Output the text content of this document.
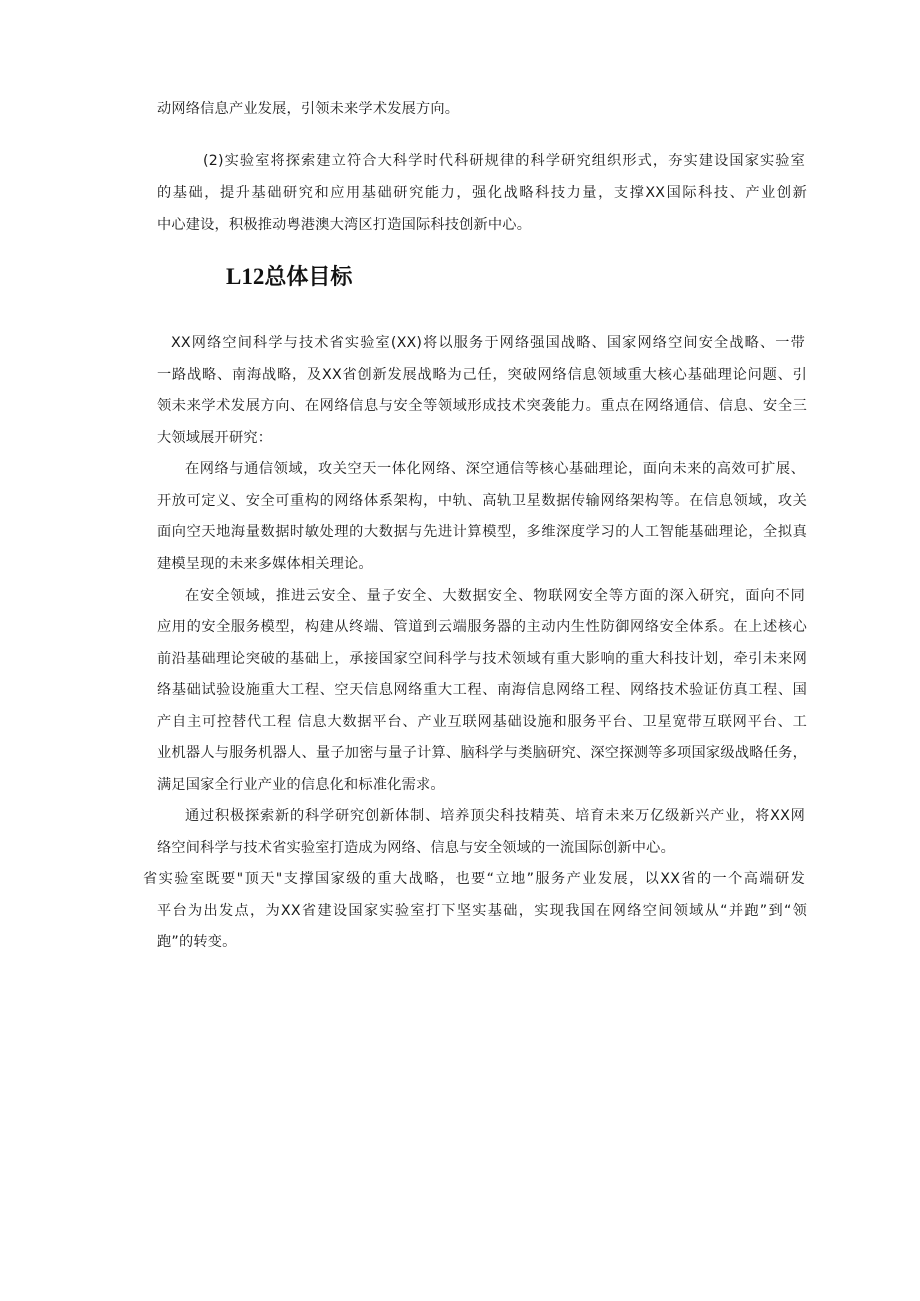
动网络信息产业发展，引领未来学术发展方向。
(2)实验室将探索建立符合大科学时代科研规律的科学研究组织形式，夯实建设国家实验室
的基础，提升基础研究和应用基础研究能力，强化战略科技力量，支撑XX国际科技、产业创新
中心建设，积极推动粤港澳大湾区打造国际科技创新中心。
L12总体目标
XX网络空间科学与技术省实验室(XX)将以服务于网络强国战略、国家网络空间安全战略、一带
一路战略、南海战略，及XX省创新发展战略为己任，突破网络信息领域重大核心基础理论问题、引
领未来学术发展方向、在网络信息与安全等领域形成技术突袭能力。重点在网络通信、信息、安全三
大领域展开研究：
在网络与通信领域，攻关空天一体化网络、深空通信等核心基础理论，面向未来的高效可扩展、
开放可定义、安全可重构的网络体系架构，中轨、高轨卫星数据传输网络架构等。在信息领域，攻关
面向空天地海量数据时敏处理的大数据与先进计算模型，多维深度学习的人工智能基础理论，全拟真
建模呈现的未来多媒体相关理论。
在安全领域，推进云安全、量子安全、大数据安全、物联网安全等方面的深入研究，面向不同
应用的安全服务模型，构建从终端、管道到云端服务器的主动内生性防御网络安全体系。在上述核心
前沿基础理论突破的基础上，承接国家空间科学与技术领域有重大影响的重大科技计划，牵引未来网
络基础试验设施重大工程、空天信息网络重大工程、南海信息网络工程、网络技术验证仿真工程、国
产自主可控替代工程 信息大数据平台、产业互联网基础设施和服务平台、卫星宽带互联网平台、工
业机器人与服务机器人、量子加密与量子计算、脑科学与类脑研究、深空探测等多项国家级战略任务，
满足国家全行业产业的信息化和标准化需求。
通过积极探索新的科学研究创新体制、培养顶尖科技精英、培育未来万亿级新兴产业，将XX网
络空间科学与技术省实验室打造成为网络、信息与安全领域的一流国际创新中心。
省实验室既要"顶天"支撑国家级的重大战略，也要“立地”服务产业发展，以XX省的一个高端研发
平台为出发点，为XX省建设国家实验室打下坚实基础，实现我国在网络空间领域从“并跑”到“领
跑”的转变。
